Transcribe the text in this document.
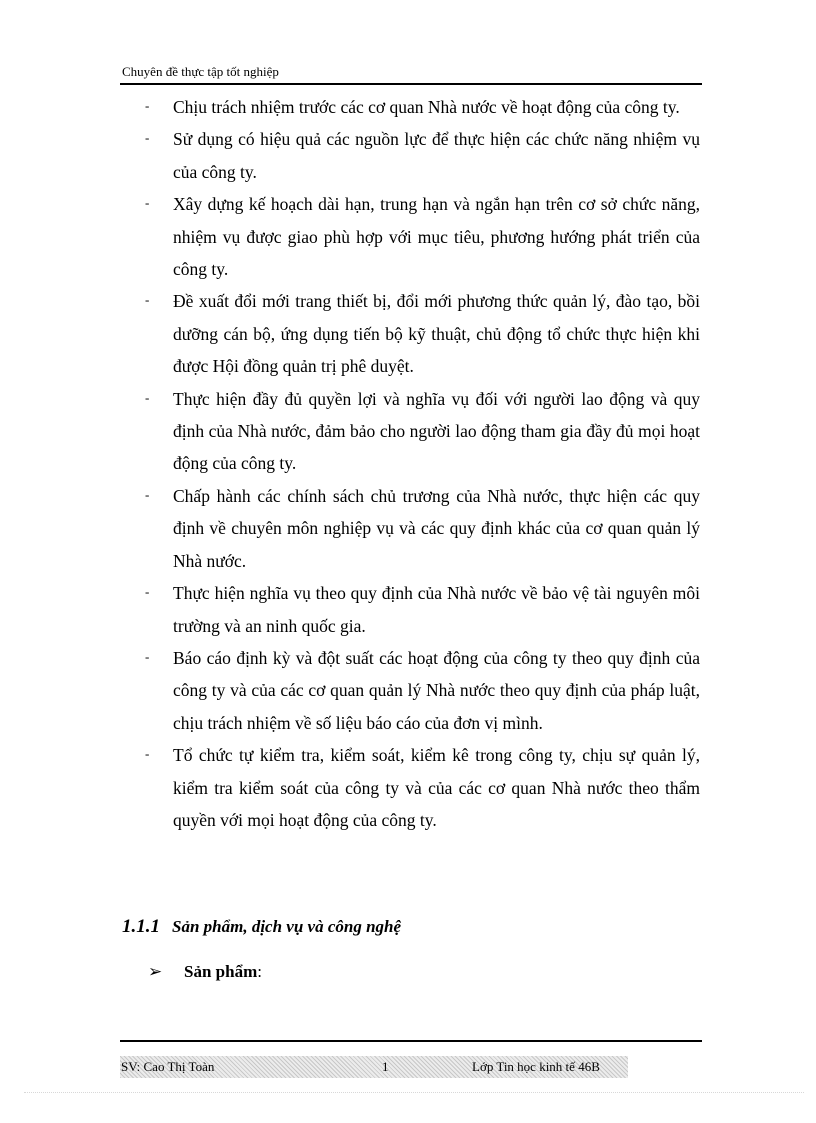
Chuyên đề thực tập tốt nghiệp
- Chịu trách nhiệm trước các cơ quan Nhà nước về hoạt động của công ty.

- Sử dụng có hiệu quả các nguồn lực để thực hiện các chức năng nhiệm vụ của công ty.

- Xây dựng kế hoạch dài hạn, trung hạn và ngắn hạn trên cơ sở chức năng, nhiệm vụ được giao phù hợp với mục tiêu, phương hướng phát triển của công ty.

- Đề xuất đổi mới trang thiết bị, đổi mới phương thức quản lý, đào tạo, bồi dưỡng cán bộ, ứng dụng tiến bộ kỹ thuật, chủ động tổ chức thực hiện khi được Hội đồng quản trị phê duyệt.

- Thực hiện đầy đủ quyền lợi và nghĩa vụ đối với người lao động và quy định của Nhà nước, đảm bảo cho người lao động tham gia đầy đủ mọi hoạt động của công ty.

- Chấp hành các chính sách chủ trương của Nhà nước, thực hiện các quy định về chuyên môn nghiệp vụ và các quy định khác của cơ quan quản lý Nhà nước.

- Thực hiện nghĩa vụ theo quy định của Nhà nước về bảo vệ tài nguyên môi trường và an ninh quốc gia.

- Báo cáo định kỳ và đột suất các hoạt động của công ty theo quy định của công ty và của các cơ quan quản lý Nhà nước theo quy định của pháp luật, chịu trách nhiệm về số liệu báo cáo của đơn vị mình.

- Tổ chức tự kiểm tra, kiểm soát, kiểm kê trong công ty, chịu sự quản lý, kiểm tra kiểm soát của công ty và của các cơ quan Nhà nước theo thẩm quyền với mọi hoạt động của công ty.

1.1.1 Sản phẩm, dịch vụ và công nghệ
➢ Sản phẩm:
SV: Cao Thị Toàn	1	Lớp Tin học kinh tế 46B
